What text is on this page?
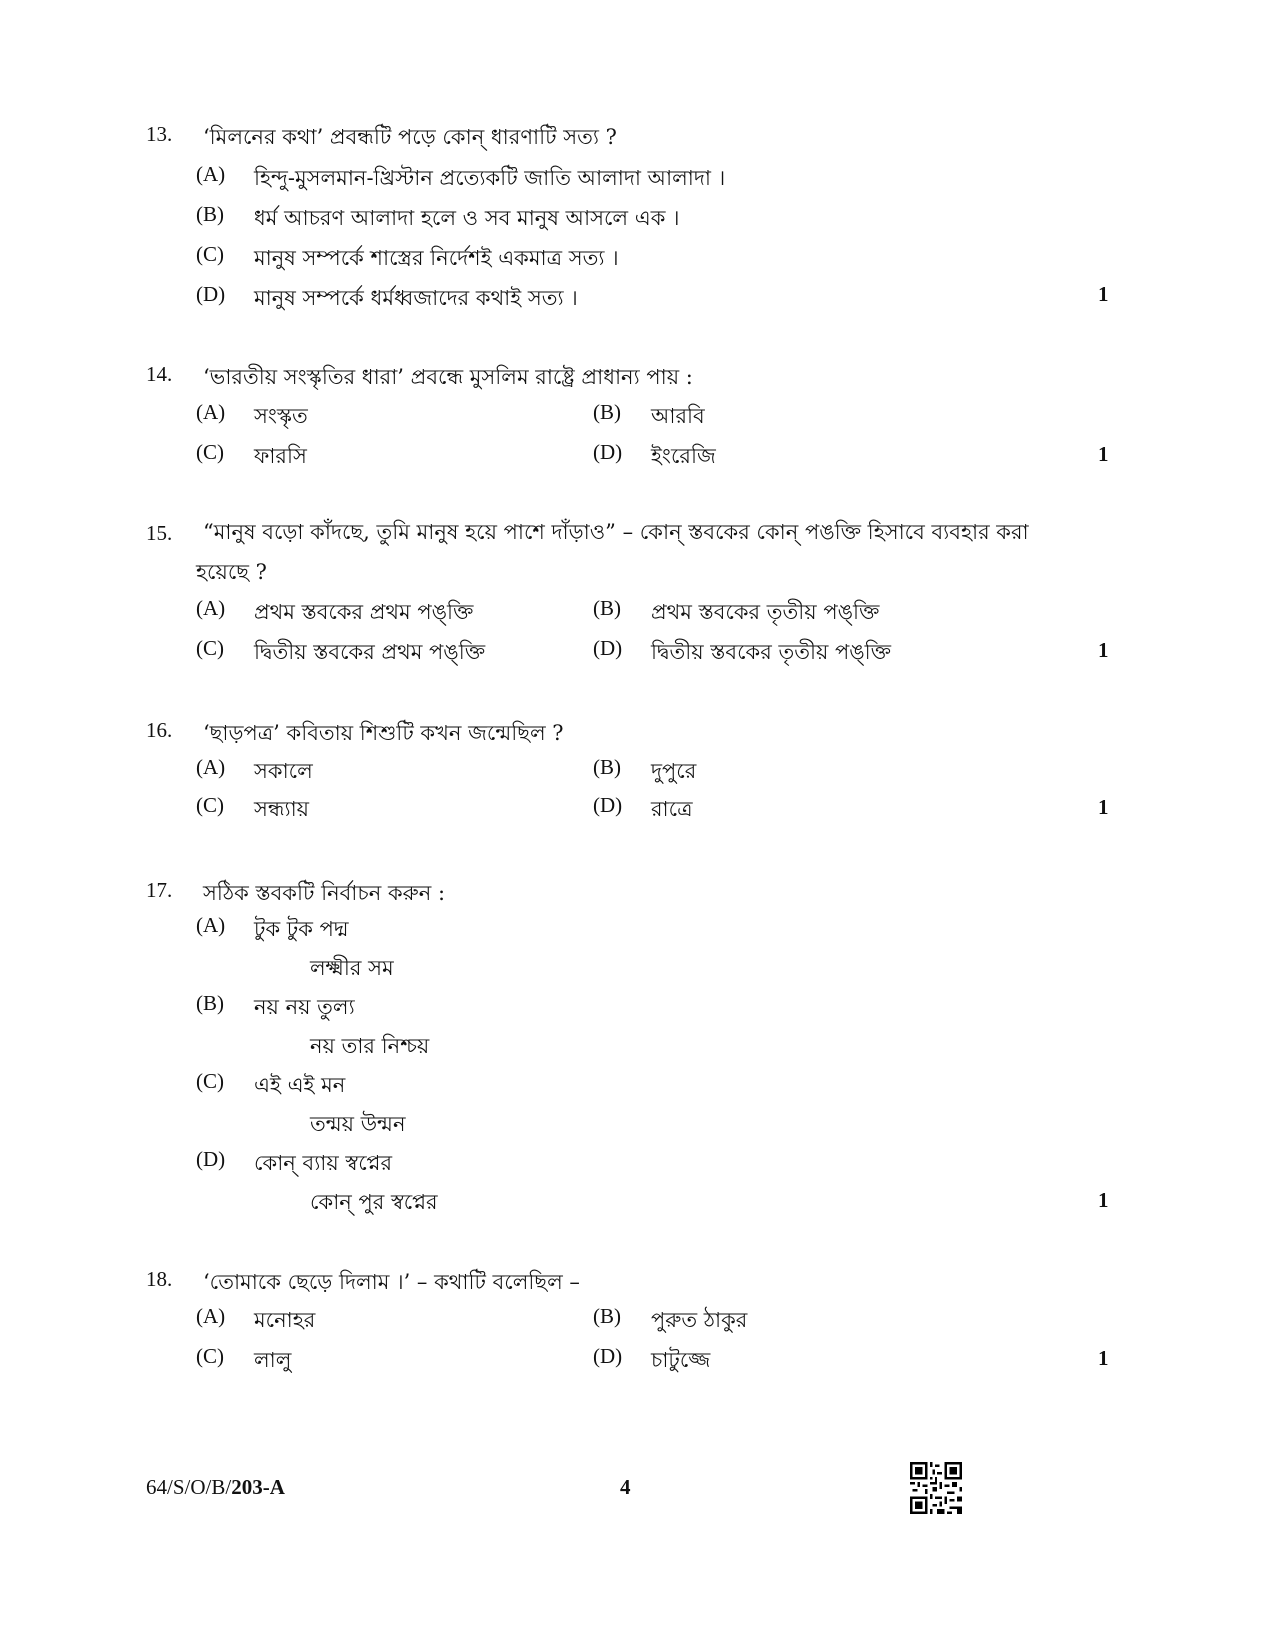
13. ‘মিলনের কথা’ প্রবন্ধটি পড়ে কোন্ ধারণাটি সত্য ?
(A) হিন্দু-মুসলমান-খ্রিস্টান প্রত্যেকটি জাতি আলাদা আলাদা ।
(B) ধর্ম আচরণ আলাদা হলে ও সব মানুষ আসলে এক ।
(C) মানুষ সম্পর্কে শাস্ত্রের নির্দেশই একমাত্র সত্য ।
(D) মানুষ সম্পর্কে ধর্মধ্বজাদের কথাই সত্য ।	1
14. ‘ভারতীয় সংস্কৃতির ধারা’ প্রবন্ধে মুসলিম রাষ্ট্রে প্রাধান্য পায় :
(A) সংস্কৃত	(B) আরবি
(C) ফারসি	(D) ইংরেজি	1
15. “মানুষ বড়ো কাঁদছে, তুমি মানুষ হয়ে পাশে দাঁড়াও” – কোন্ স্তবকের কোন্ পঙক্তি হিসাবে ব্যবহার করা
হয়েছে ?
(A) প্রথম স্তবকের প্রথম পঙ্‌ক্তি	(B) প্রথম স্তবকের তৃতীয় পঙ্‌ক্তি
(C) দ্বিতীয় স্তবকের প্রথম পঙ্‌ক্তি	(D) দ্বিতীয় স্তবকের তৃতীয় পঙ্‌ক্তি	1
16. ‘ছাড়পত্র’ কবিতায় শিশুটি কখন জন্মেছিল ?
(A) সকালে	(B) দুপুরে
(C) সন্ধ্যায়	(D) রাত্রে	1
17. সঠিক স্তবকটি নির্বাচন করুন :
(A) টুক টুক পদ্ম
লক্ষ্মীর সম
(B) নয় নয় তুল্য
নয় তার নিশ্চয়
(C) এই এই মন
তন্ময় উন্মন
(D) কোন্ ব্যায় স্বপ্নের
কোন্ পুর স্বপ্নের	1
18. ‘তোমাকে ছেড়ে দিলাম ।’ – কথাটি বলেছিল –
(A) মনোহর	(B) পুরুত ঠাকুর
(C) লালু	(D) চাটুজ্জে	1
64/S/O/B/203-A	4
